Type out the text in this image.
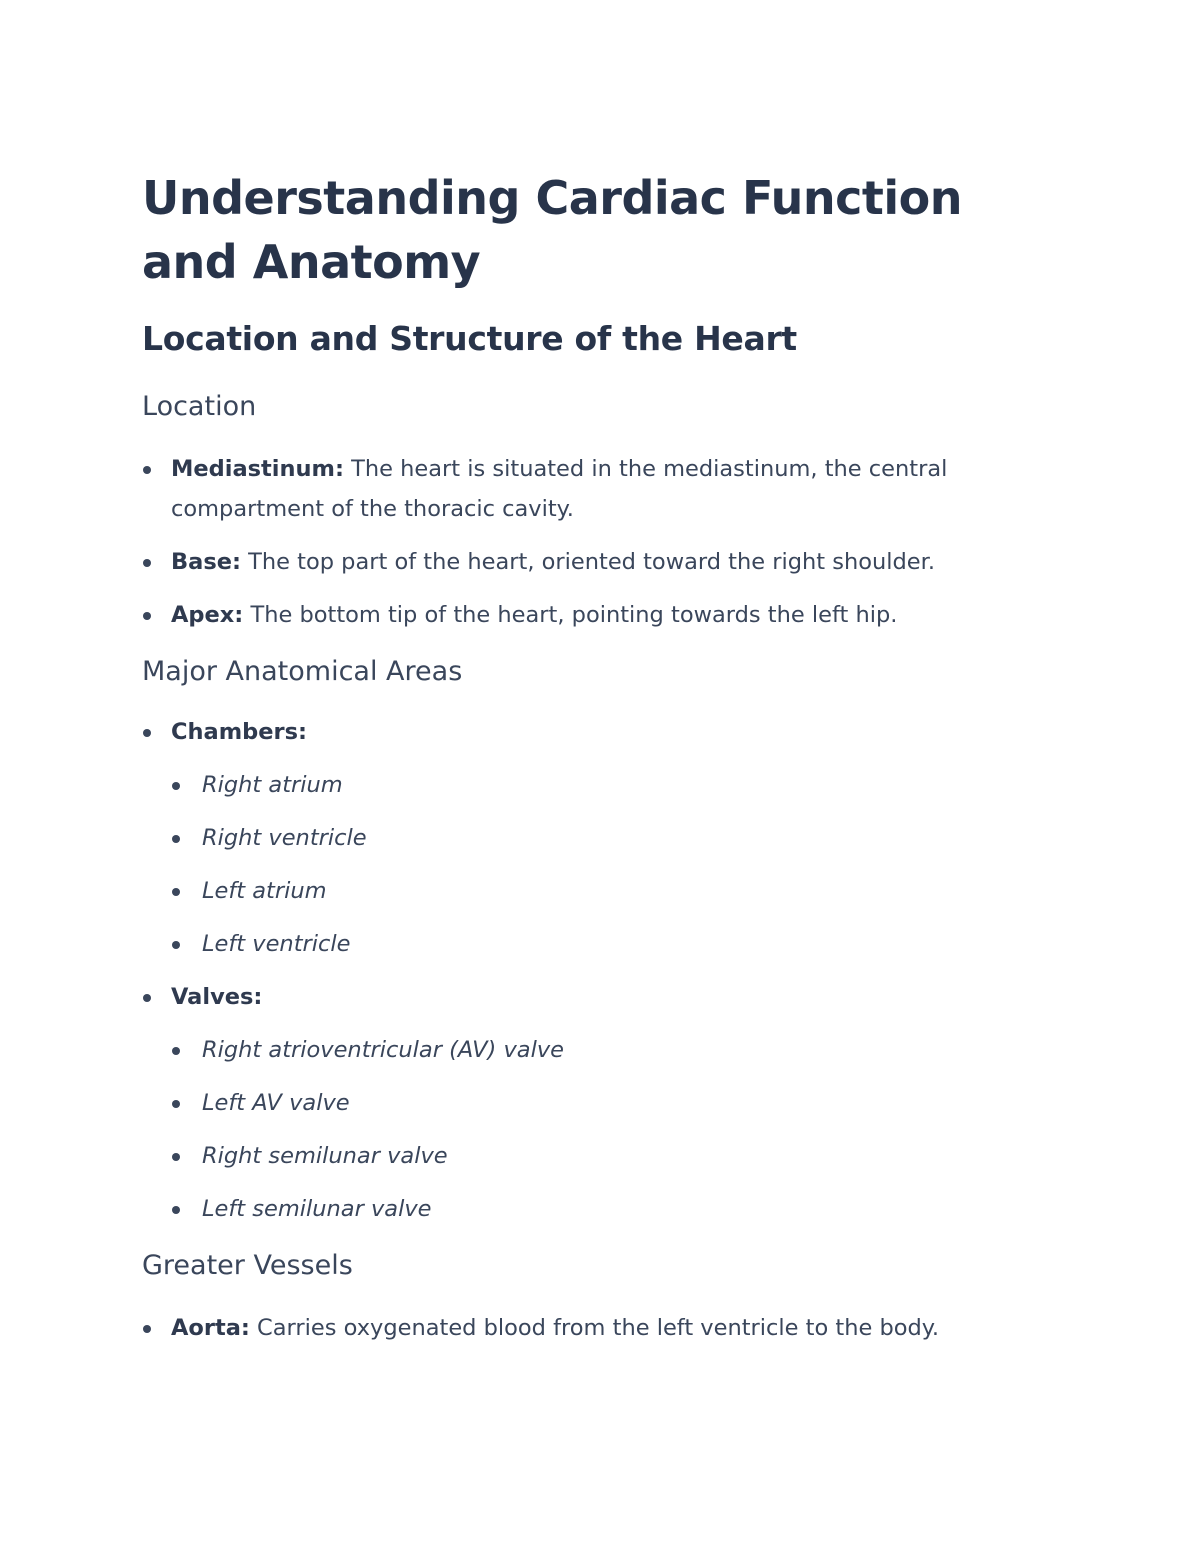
Understanding Cardiac Function and Anatomy
Location and Structure of the Heart
Location
Mediastinum: The heart is situated in the mediastinum, the central compartment of the thoracic cavity.
Base: The top part of the heart, oriented toward the right shoulder.
Apex: The bottom tip of the heart, pointing towards the left hip.
Major Anatomical Areas
Chambers:
Right atrium
Right ventricle
Left atrium
Left ventricle
Valves:
Right atrioventricular (AV) valve
Left AV valve
Right semilunar valve
Left semilunar valve
Greater Vessels
Aorta: Carries oxygenated blood from the left ventricle to the body.
